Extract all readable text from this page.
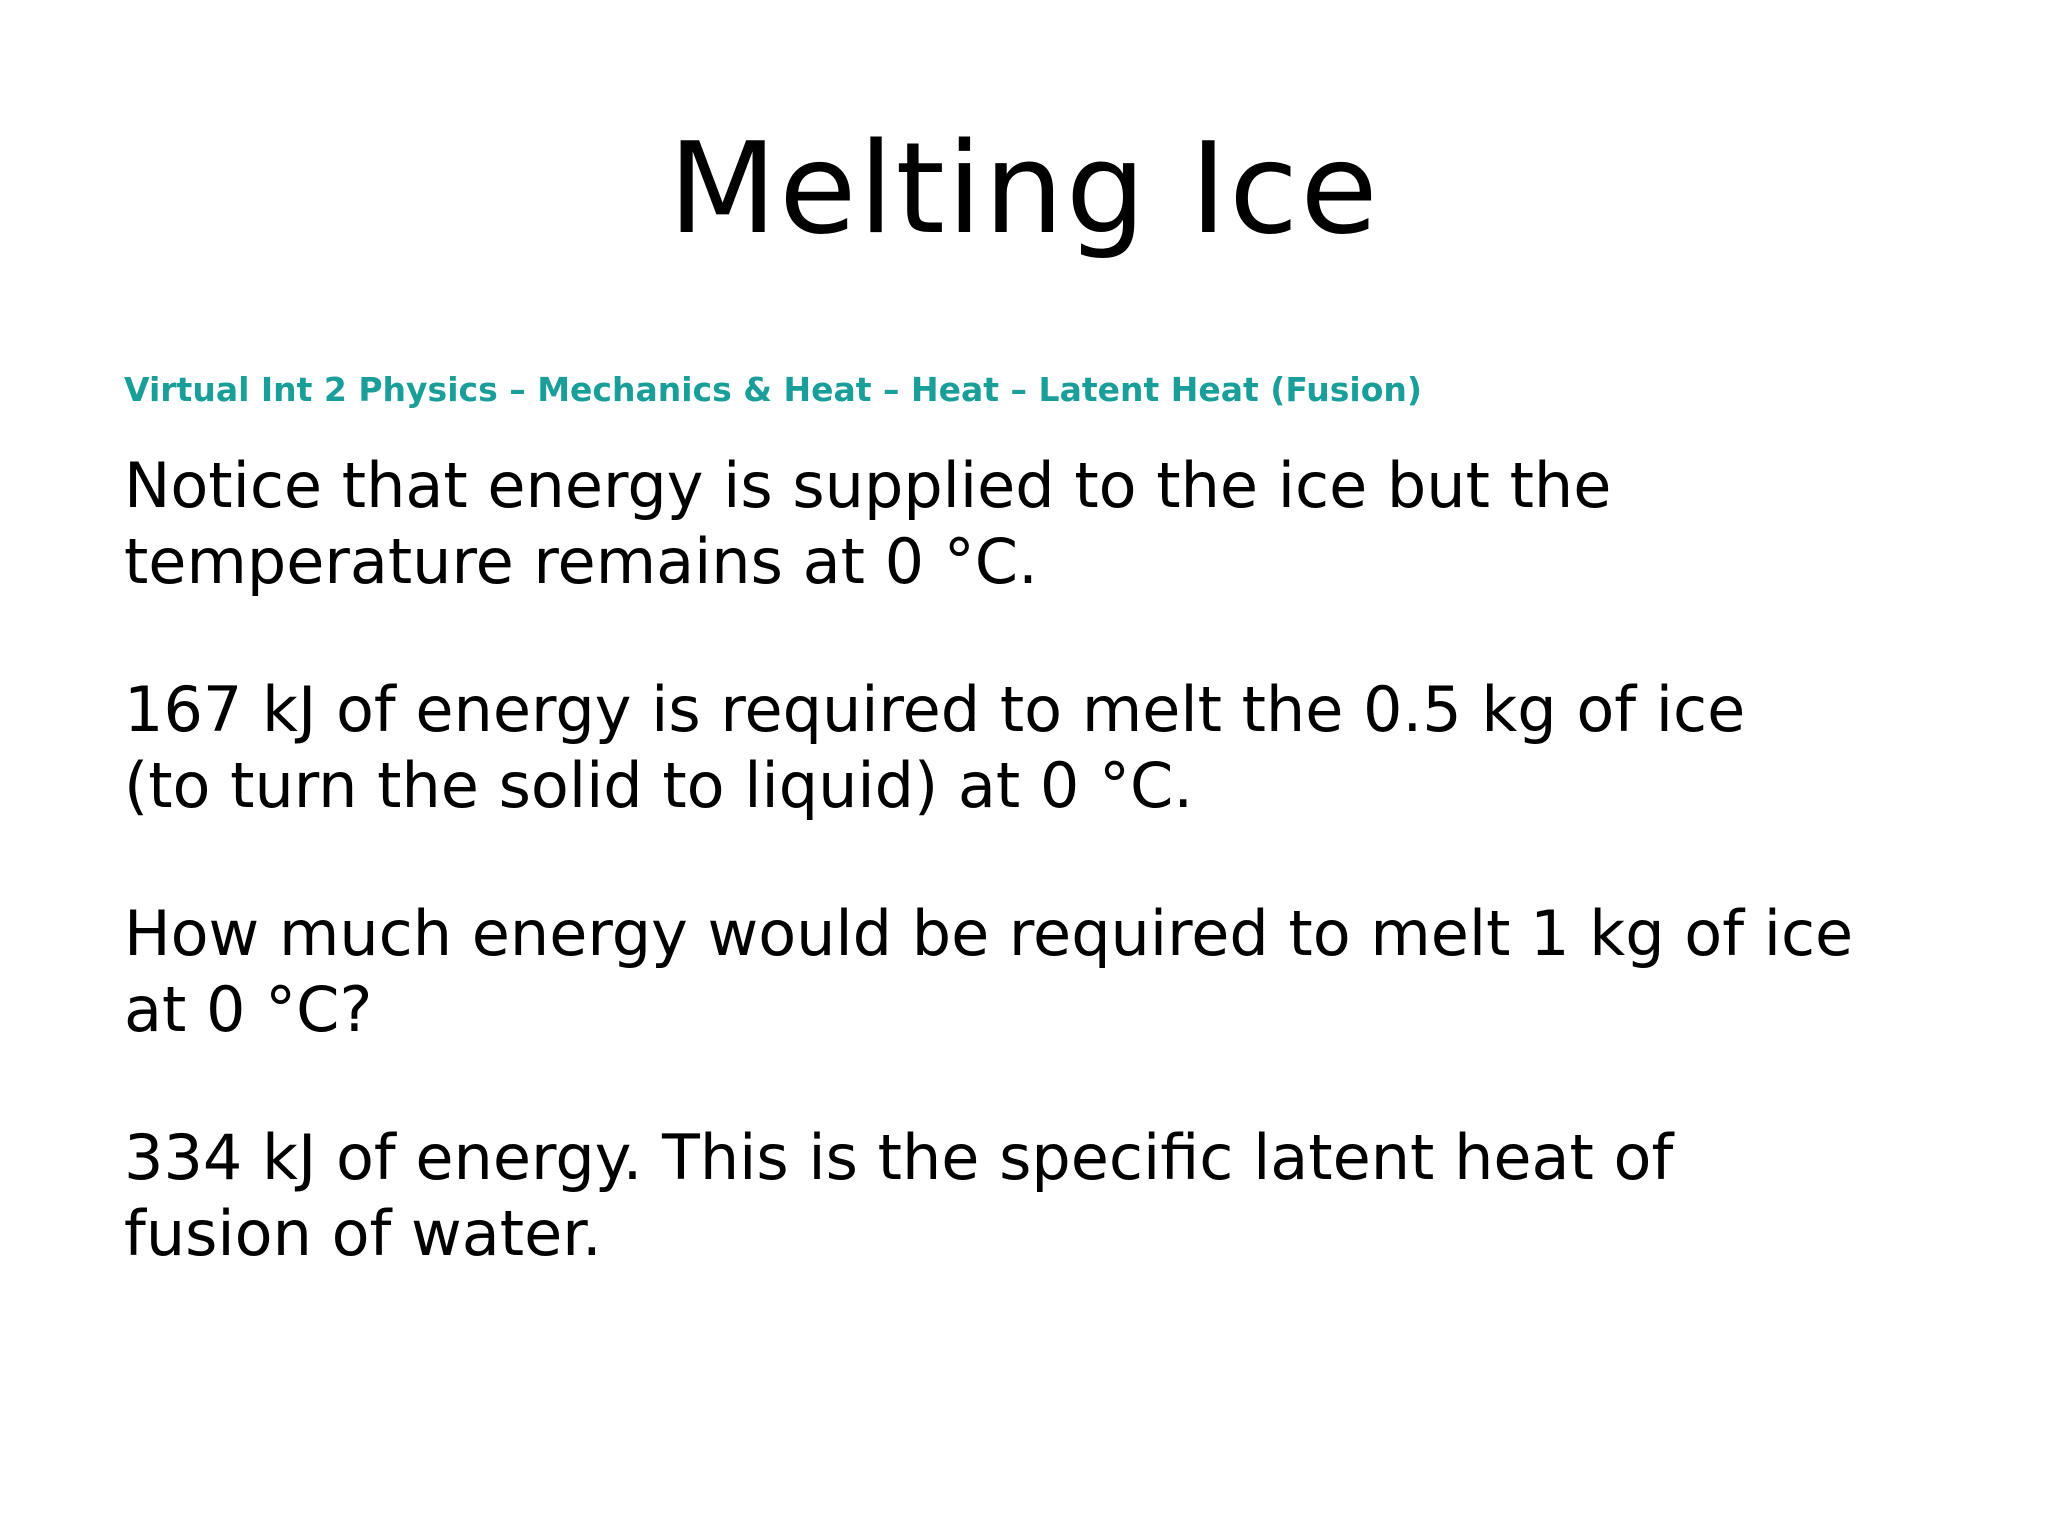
Melting Ice
Virtual Int 2 Physics – Mechanics & Heat – Heat – Latent Heat (Fusion)

Notice that energy is supplied to the ice but the
temperature remains at 0 °C.

167 kJ of energy is required to melt the 0.5 kg of ice
(to turn the solid to liquid) at 0 °C.

How much energy would be required to melt 1 kg of ice
at 0 °C?

334 kJ of energy. This is the specific latent heat of
fusion of water.
